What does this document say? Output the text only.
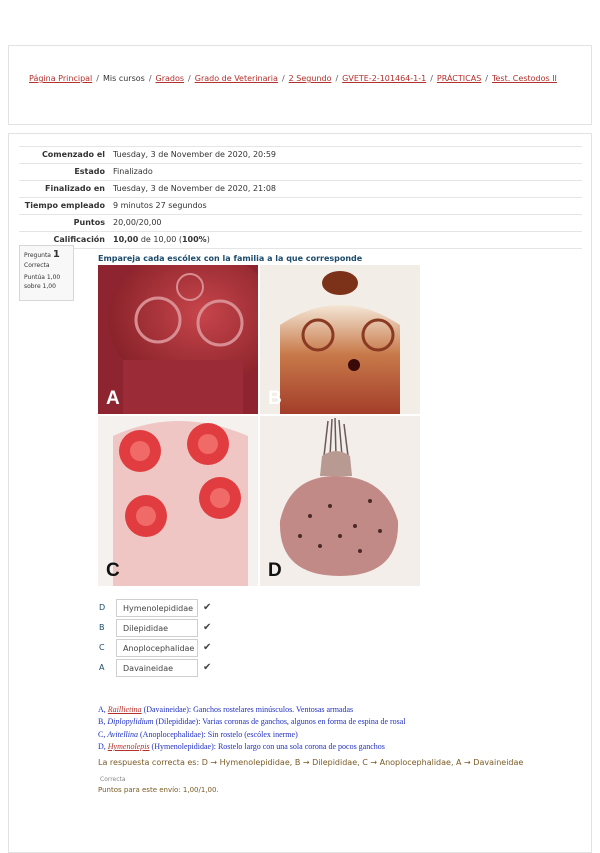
Página Principal / Mis cursos / Grados / Grado de Veterinaria / 2 Segundo / GVETE-2-101464-1-1 / PRÁCTICAS / Test. Cestodos II
Comenzado el	Tuesday, 3 de November de 2020, 20:59
Estado	Finalizado
Finalizado en	Tuesday, 3 de November de 2020, 21:08
Tiempo empleado	9 minutos 27 segundos
Puntos	20,00/20,00
Calificación	10,00 de 10,00 (100%)
Pregunta 1
Correcta
Puntúa 1,00 sobre 1,00
Empareja cada escólex con la familia a la que corresponde
A	B
C	D
D	Hymenolepididae ✔
B	Dilepididae	✔
C	Anoplocephalidae ✔
A	Davaineidae	✔
A, Raillietina (Davaineidae): Ganchos rostelares minúsculos. Ventosas armadas
B, Diplopylidium (Dilepididae): Varias coronas de ganchos, algunos en forma de espina de rosal
C, Avitellina (Anoplocephalidae): Sin rostelo (escólex inerme)
D, Hymenolepis (Hymenolepididae): Rostelo largo con una sola corona de pocos ganchos
La respuesta correcta es: D → Hymenolepididae, B → Dilepididae, C → Anoplocephalidae, A → Davaineidae
Correcta
Puntos para este envío: 1,00/1,00.
